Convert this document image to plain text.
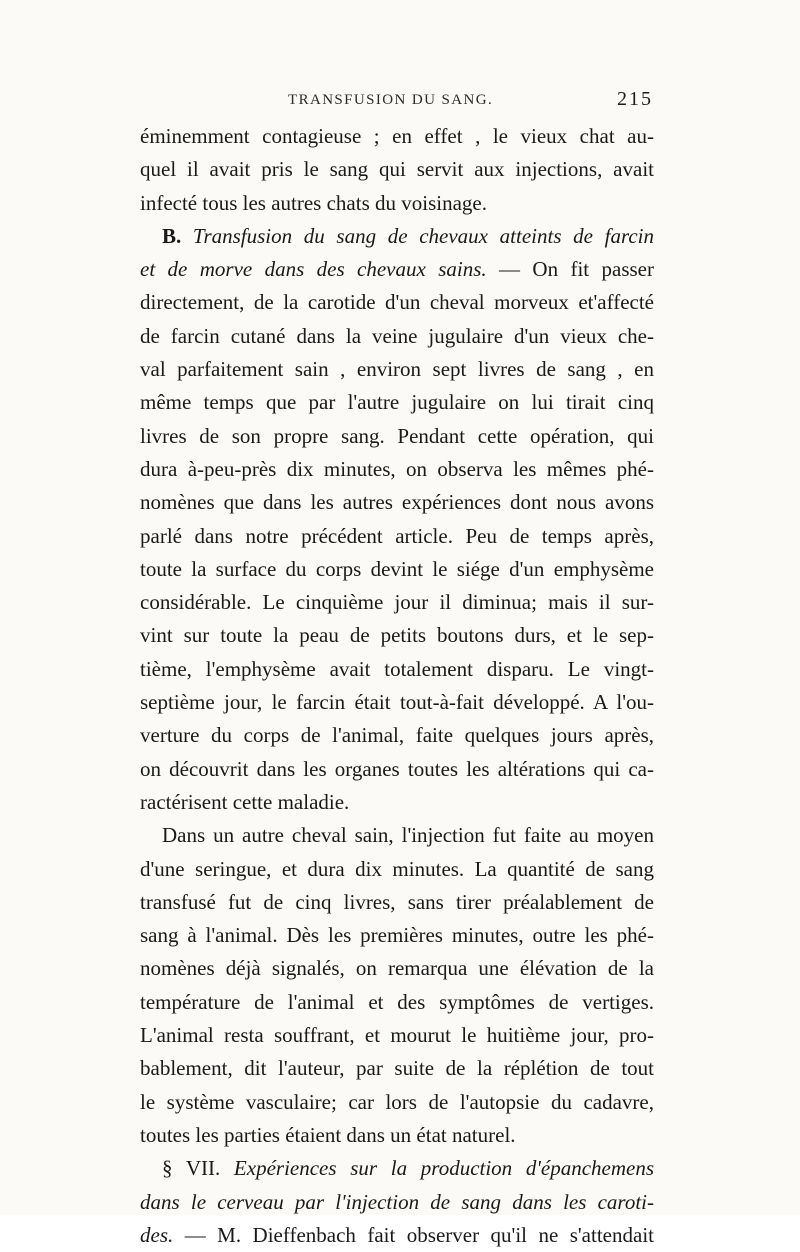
TRANSFUSION DU SANG.	215
éminemment contagieuse ; en effet , le vieux chat au-
quel il avait pris le sang qui servit aux injections, avait
infecté tous les autres chats du voisinage.
B. Transfusion du sang de chevaux atteints de farcin
et de morve dans des chevaux sains. — On fit passer
directement, de la carotide d'un cheval morveux et'affecté
de farcin cutané dans la veine jugulaire d'un vieux che-
val parfaitement sain , environ sept livres de sang , en
même temps que par l'autre jugulaire on lui tirait cinq
livres de son propre sang. Pendant cette opération, qui
dura à-peu-près dix minutes, on observa les mêmes phé-
nomènes que dans les autres expériences dont nous avons
parlé dans notre précédent article. Peu de temps après,
toute la surface du corps devint le siége d'un emphysème
considérable. Le cinquième jour il diminua; mais il sur-
vint sur toute la peau de petits boutons durs, et le sep-
tième, l'emphysème avait totalement disparu. Le vingt-
septième jour, le farcin était tout-à-fait développé. A l'ou-
verture du corps de l'animal, faite quelques jours après,
on découvrit dans les organes toutes les altérations qui ca-
ractérisent cette maladie.
Dans un autre cheval sain, l'injection fut faite au moyen
d'une seringue, et dura dix minutes. La quantité de sang
transfusé fut de cinq livres, sans tirer préalablement de
sang à l'animal. Dès les premières minutes, outre les phé-
nomènes déjà signalés, on remarqua une élévation de la
température de l'animal et des symptômes de vertiges.
L'animal resta souffrant, et mourut le huitième jour, pro-
bablement, dit l'auteur, par suite de la réplétion de tout
le système vasculaire; car lors de l'autopsie du cadavre,
toutes les parties étaient dans un état naturel.
§ VII. Expériences sur la production d'épanchemens
dans le cerveau par l'injection de sang dans les caroti-
des. — M. Dieffenbach fait observer qu'il ne s'attendait
